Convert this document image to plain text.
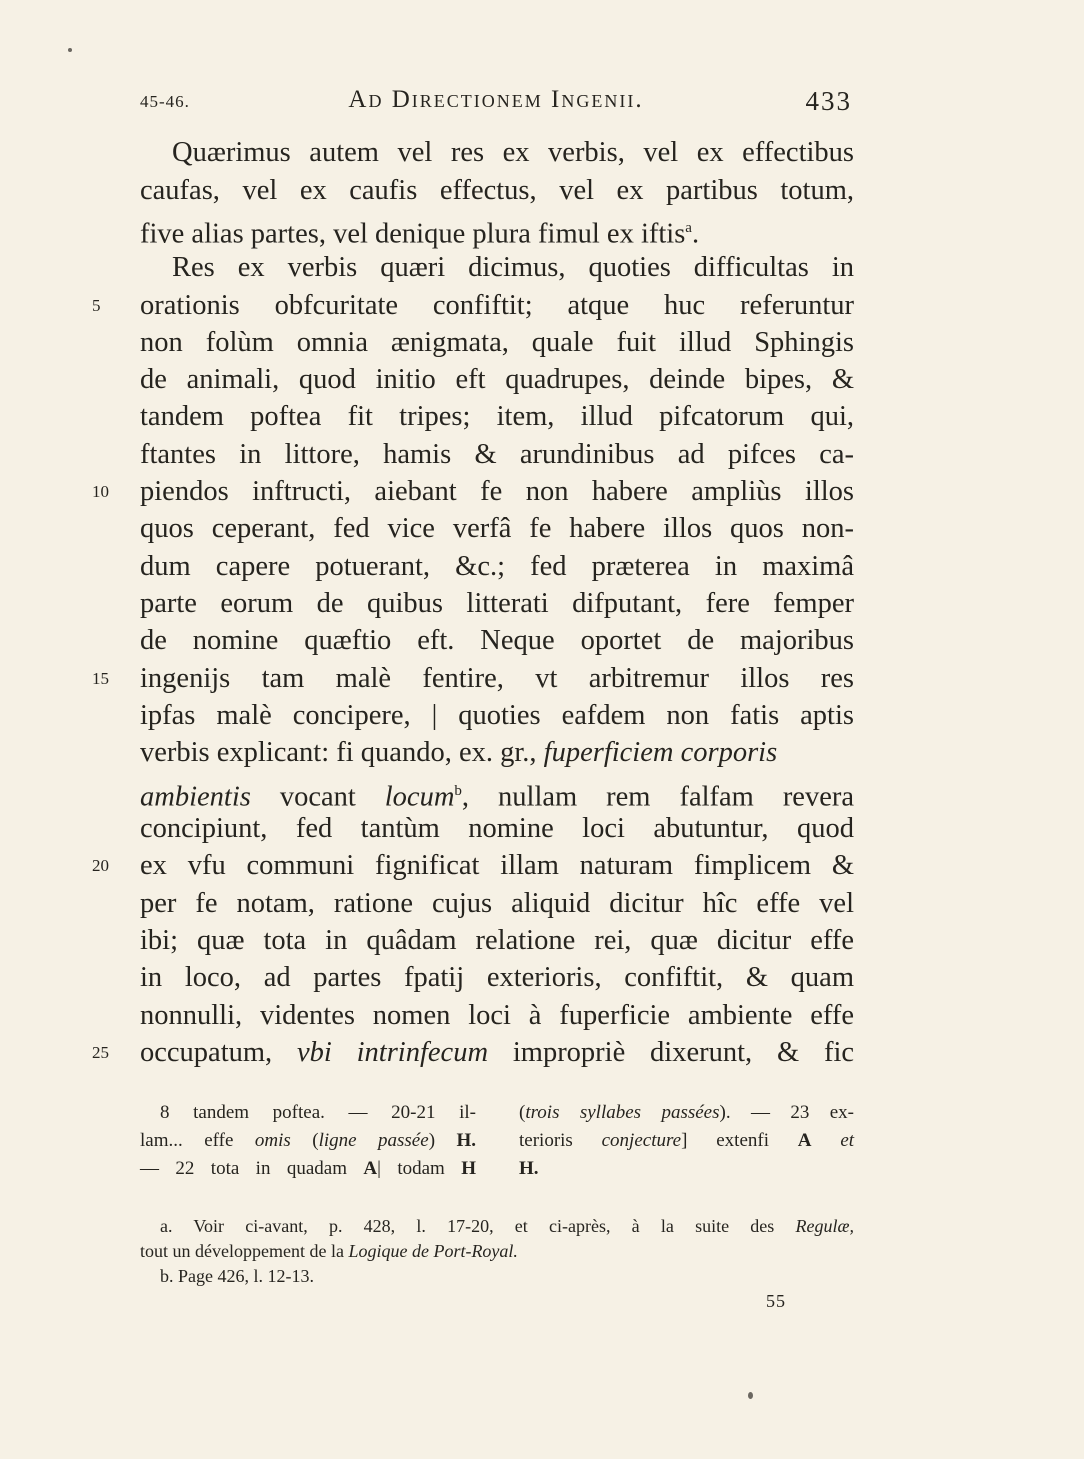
45-46.	Ad Directionem Ingenii.	433
Quærimus autem vel res ex verbis, vel ex effectibus
caufas, vel ex caufis effectus, vel ex partibus totum,
five alias partes, vel denique plura fimul ex iftis$^a$.
Res ex verbis quæri dicimus, quoties difficultas in
orationis obfcuritate confiftit; atque huc referuntur
non folùm omnia ænigmata, quale fuit illud Sphingis
de animali, quod initio eft quadrupes, deinde bipes, &
tandem poftea fit tripes; item, illud pifcatorum qui,
ftantes in littore, hamis & arundinibus ad pifces ca-
piendos inftructi, aiebant fe non habere ampliùs illos
quos ceperant, fed vice verfâ fe habere illos quos non-
dum capere potuerant, &c.; fed præterea in maximâ
parte eorum de quibus litterati difputant, fere femper
de nomine quæftio eft. Neque oportet de majoribus
ingenijs tam malè fentire, vt arbitremur illos res
ipfas malè concipere, | quoties eafdem non fatis aptis
verbis explicant: fi quando, ex. gr., fuperficiem corporis
ambientis vocant locum$^b$, nullam rem falfam revera
concipiunt, fed tantùm nomine loci abutuntur, quod
ex vfu communi fignificat illam naturam fimplicem &
per fe notam, ratione cujus aliquid dicitur hîc effe vel
ibi; quæ tota in quâdam relatione rei, quæ dicitur effe
in loco, ad partes fpatij exterioris, confiftit, & quam
nonnulli, videntes nomen loci à fuperficie ambiente effe
occupatum, vbi intrinfecum impropriè dixerunt, & fic
5
10
15
20
25
8 tandem poftea. — 20-21 il-
lam... effe omis (ligne passée) H.
— 22 tota in quadam A| todam H
(trois syllabes passées). — 23 ex-
terioris conjecture] extenfi A et
H.
a. Voir ci-avant, p. 428, l. 17-20, et ci-après, à la suite des Regulæ,
tout un développement de la Logique de Port-Royal.
b. Page 426, l. 12-13.
55
